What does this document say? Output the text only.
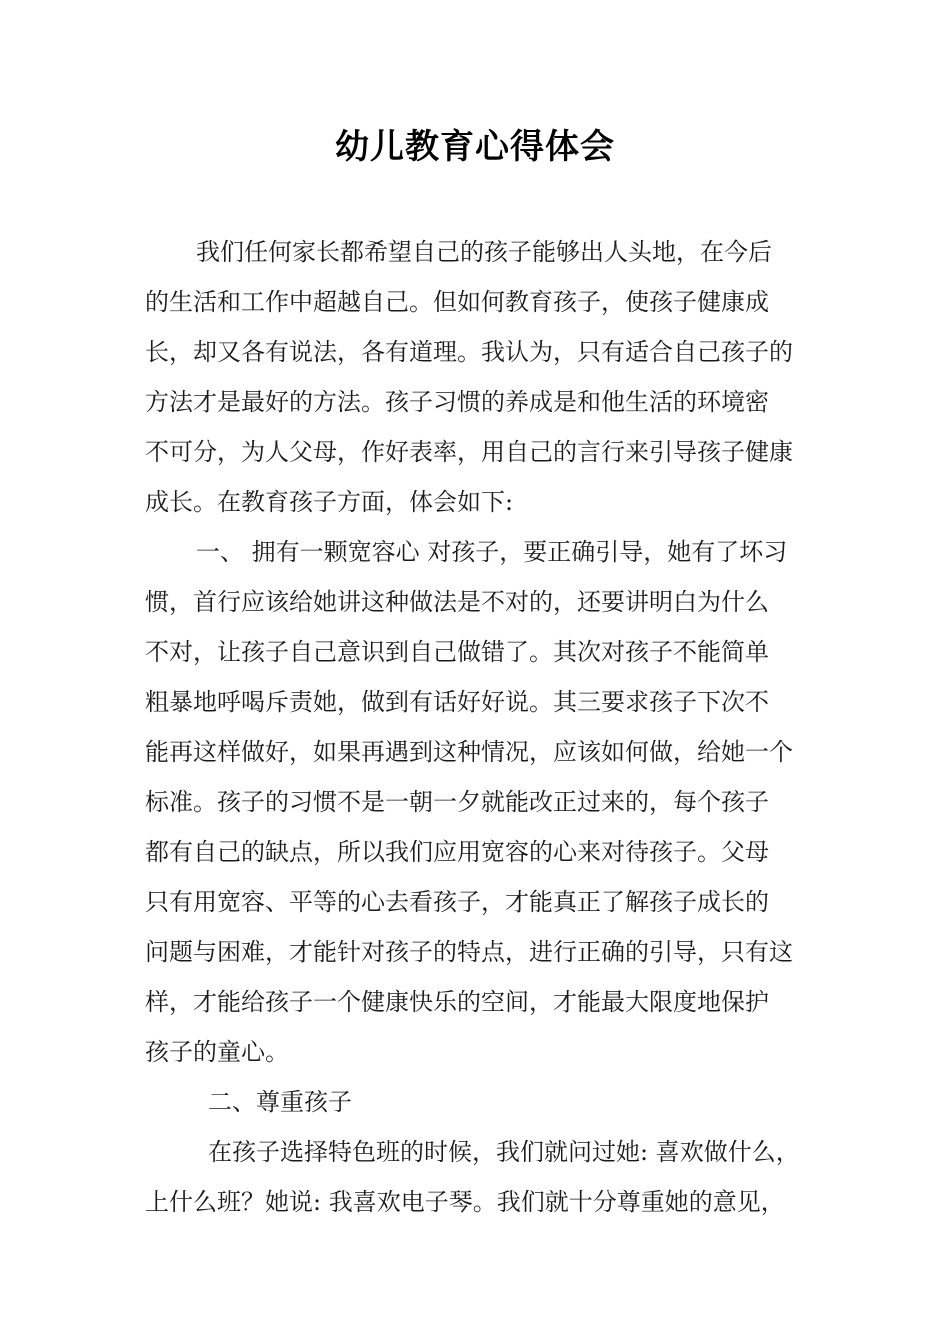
幼儿教育心得体会
我们任何家长都希望自己的孩子能够出人头地，在今后
的生活和工作中超越自己。但如何教育孩子，使孩子健康成
长，却又各有说法，各有道理。我认为，只有适合自己孩子的
方法才是最好的方法。孩子习惯的养成是和他生活的环境密
不可分，为人父母，作好表率，用自己的言行来引导孩子健康
成长。在教育孩子方面，体会如下:
一、 拥有一颗宽容心 对孩子，要正确引导，她有了坏习
惯，首行应该给她讲这种做法是不对的，还要讲明白为什么
不对，让孩子自己意识到自己做错了。其次对孩子不能简单
粗暴地呼喝斥责她，做到有话好好说。其三要求孩子下次不
能再这样做好，如果再遇到这种情况，应该如何做，给她一个
标准。孩子的习惯不是一朝一夕就能改正过来的，每个孩子
都有自己的缺点，所以我们应用宽容的心来对待孩子。父母
只有用宽容、平等的心去看孩子，才能真正了解孩子成长的
问题与困难，才能针对孩子的特点，进行正确的引导，只有这
样，才能给孩子一个健康快乐的空间，才能最大限度地保护
孩子的童心。
二、尊重孩子
在孩子选择特色班的时候，我们就问过她: 喜欢做什么，
上什么班？她说: 我喜欢电子琴。我们就十分尊重她的意见，
